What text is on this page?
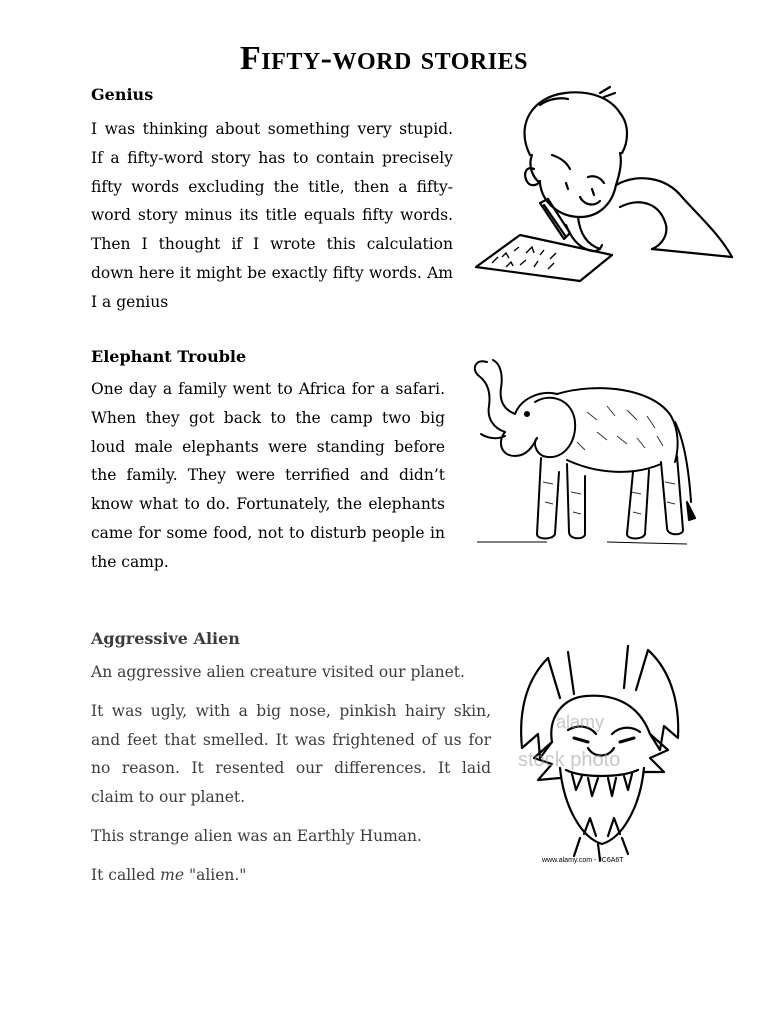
Fifty-word stories
Genius

I was thinking about something very stupid. If a fifty-word story has to contain precisely fifty words excluding the title, then a fifty-word story minus its title equals fifty words. Then I thought if I wrote this calculation down here it might be exactly fifty words. Am I a genius

Elephant Trouble

One day a family went to Africa for a safari. When they got back to the camp two big loud male elephants were standing before the family. They were terrified and didn’t know what to do. Fortunately, the elephants came for some food, not to disturb people in the camp.

Aggressive Alien

An aggressive alien creature visited our planet.

It was ugly, with a big nose, pinkish hairy skin, and feet that smelled. It was frightened of us for no reason. It resented our differences. It laid claim to our planet.

This strange alien was an Earthly Human.

It called me "alien."

alamy
stock photo
www.alamy.com - JC6A6T
